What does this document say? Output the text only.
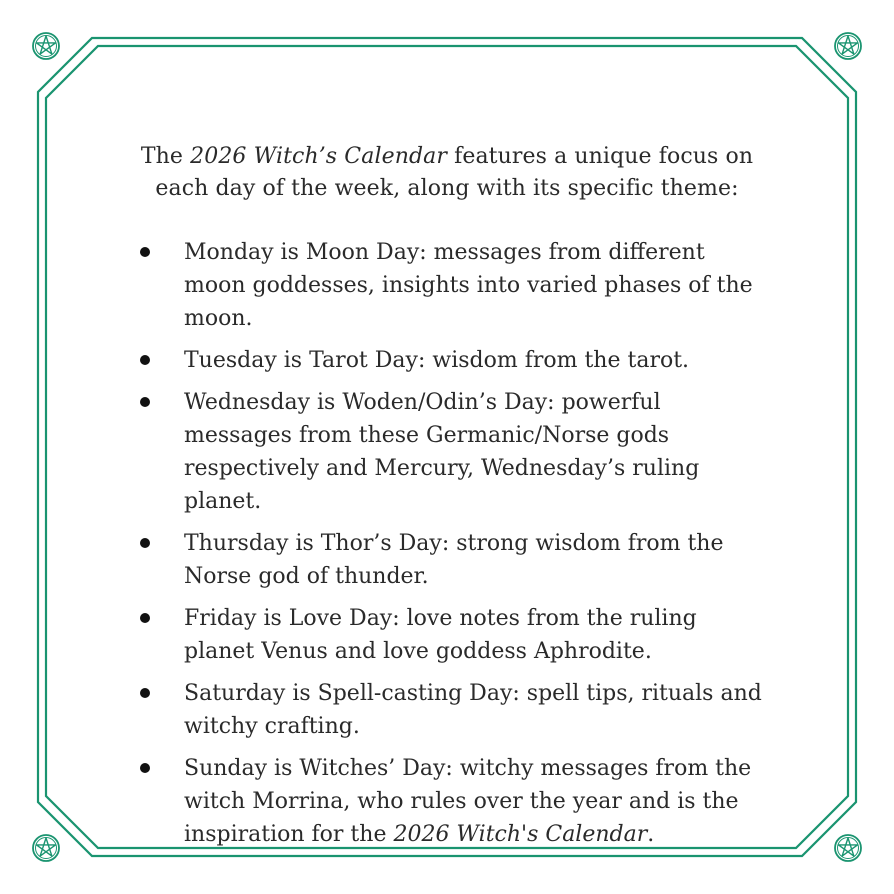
The 2026 Witch’s Calendar features a unique focus on each day of the week, along with its specific theme:

Monday is Moon Day: messages from different moon goddesses, insights into varied phases of the moon.
Tuesday is Tarot Day: wisdom from the tarot.
Wednesday is Woden/Odin’s Day: powerful messages from these Germanic/Norse gods respectively and Mercury, Wednesday’s ruling planet.
Thursday is Thor’s Day: strong wisdom from the Norse god of thunder.
Friday is Love Day: love notes from the ruling planet Venus and love goddess Aphrodite.
Saturday is Spell-casting Day: spell tips, rituals and witchy crafting.
Sunday is Witches’ Day: witchy messages from the witch Morrina, who rules over the year and is the inspiration for the 2026 Witch's Calendar.
